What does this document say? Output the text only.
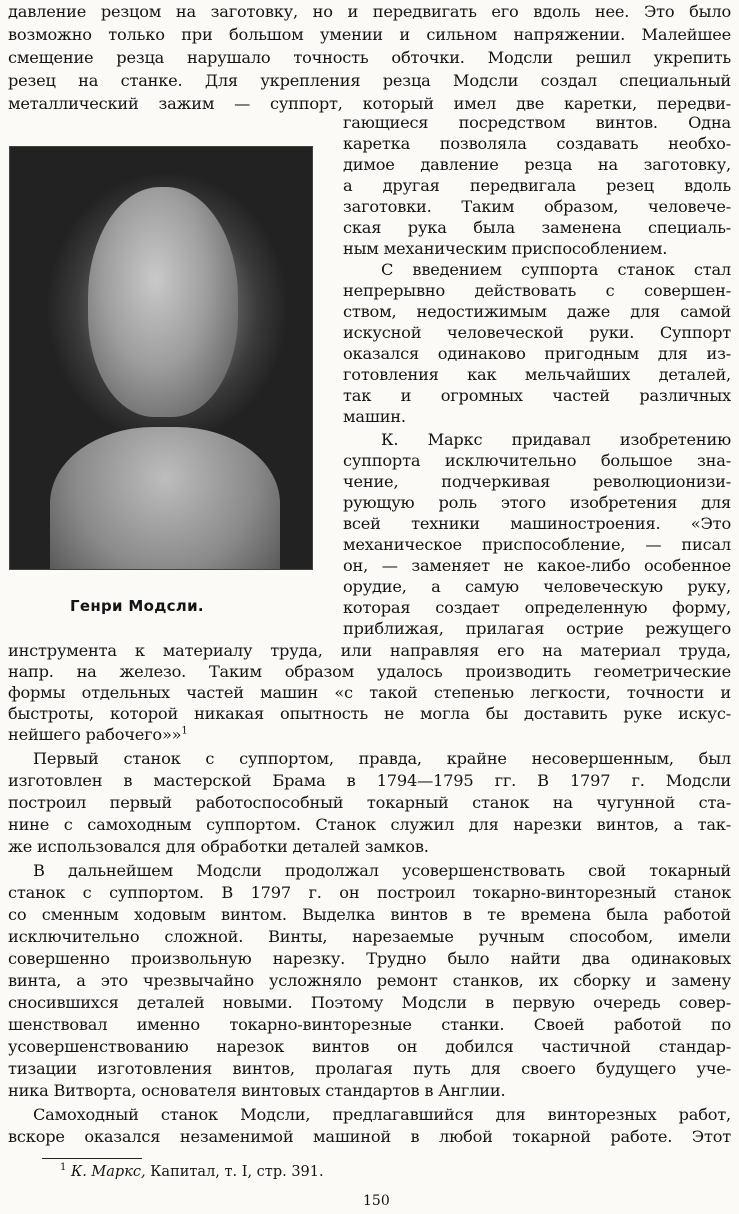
давление резцом на заготовку, но и передвигать его вдоль нее. Это было
возможно только при большом умении и сильном напряжении. Малейшее
смещение резца нарушало точность обточки. Модсли решил укрепить
резец на станке. Для укрепления резца Модсли создал специальный
металлический зажим — суппорт, который имел две каретки, передви-
Генри Модсли.
гающиеся посредством винтов. Одна
каретка позволяла создавать необхо-
димое давление резца на заготовку,
а другая передвигала резец вдоль
заготовки. Таким образом, человече-
ская рука была заменена специаль-
ным механическим приспособлением.
С введением суппорта станок стал
непрерывно действовать с совершен-
ством, недостижимым даже для самой
искусной человеческой руки. Суппорт
оказался одинаково пригодным для из-
готовления как мельчайших деталей,
так и огромных частей различных
машин.
К. Маркс придавал изобретению
суппорта исключительно большое зна-
чение, подчеркивая революционизи-
рующую роль этого изобретения для
всей техники машиностроения. «Это
механическое приспособление, — писал
он, — заменяет не какое-либо особенное
орудие, а самую человеческую руку,
которая создает определенную форму,
приближая, прилагая острие режущего
инструмента к материалу труда, или направляя его на материал труда,
напр. на железо. Таким образом удалось производить геометрические
формы отдельных частей машин «с такой степенью легкости, точности и
быстроты, которой никакая опытность не могла бы доставить руке искус-
нейшего рабочего»»$^1$
Первый станок с суппортом, правда, крайне несовершенным, был
изготовлен в мастерской Брама в 1794—1795 гг. В 1797 г. Модсли
построил первый работоспособный токарный станок на чугунной ста-
нине с самоходным суппортом. Станок служил для нарезки винтов, а так-
же использовался для обработки деталей замков.
В дальнейшем Модсли продолжал усовершенствовать свой токарный
станок с суппортом. В 1797 г. он построил токарно-винторезный станок
со сменным ходовым винтом. Выделка винтов в те времена была работой
исключительно сложной. Винты, нарезаемые ручным способом, имели
совершенно произвольную нарезку. Трудно было найти два одинаковых
винта, а это чрезвычайно усложняло ремонт станков, их сборку и замену
сносившихся деталей новыми. Поэтому Модсли в первую очередь совер-
шенствовал именно токарно-винторезные станки. Своей работой по
усовершенствованию нарезок винтов он добился частичной стандар-
тизации изготовления винтов, пролагая путь для своего будущего уче-
ника Витворта, основателя винтовых стандартов в Англии.
Самоходный станок Модсли, предлагавшийся для винторезных работ,
вскоре оказался незаменимой машиной в любой токарной работе. Этот
$^1$ К. Маркс, Капитал, т. I, стр. 391.
150
